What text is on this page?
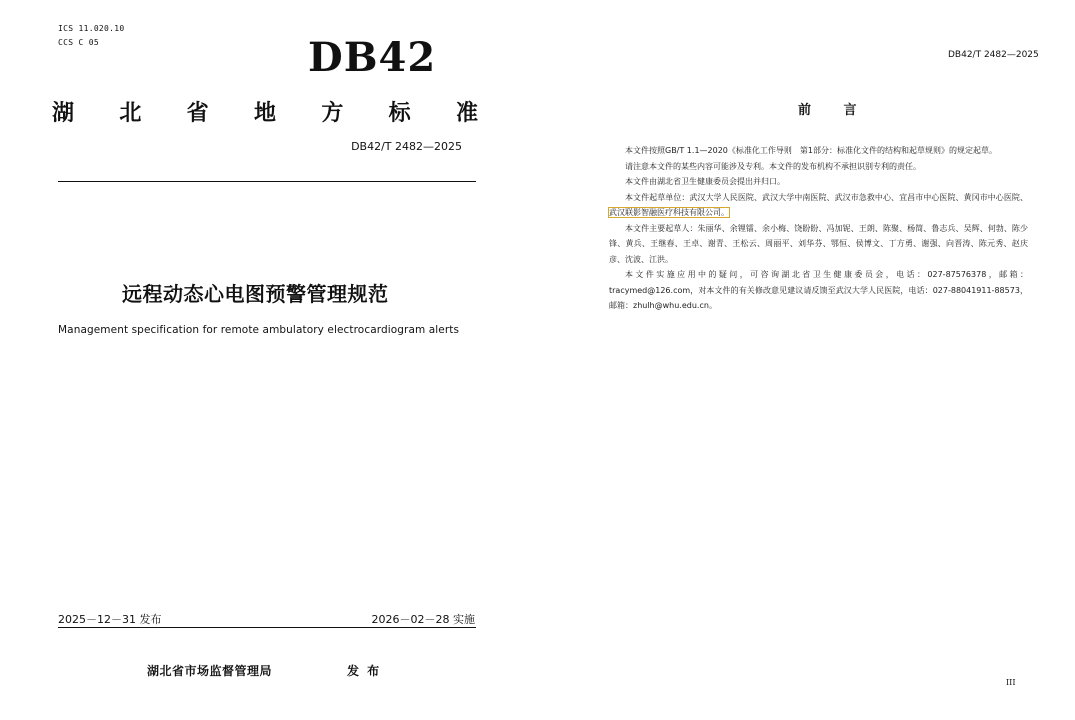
ICS 11.020.10
CCS C 05	DB42
湖 北 省 地 方 标 准
DB42/T 2482—2025
远程动态心电图预警管理规范
Management specification for remote ambulatory electrocardiogram alerts
2025－12－31 发布	2026－02－28 实施
湖北省市场监督管理局	发 布
DB42/T 2482—2025
前 言

本文件按照GB/T 1.1—2020《标准化工作导则　第1部分：标准化文件的结构和起草规则》的规定起草。

请注意本文件的某些内容可能涉及专利。本文件的发布机构不承担识别专利的责任。

本文件由湖北省卫生健康委员会提出并归口。

本文件起草单位：武汉大学人民医院、武汉大学中南医院、武汉市急救中心、宜昌市中心医院、黄冈市中心医院、武汉联影智融医疗科技有限公司。

本文件主要起草人：朱丽华、余锂镭、余小梅、饶盼盼、冯加铌、王朗、陈聚、杨简、鲁志兵、吴辉、何勃、陈少锋、黄兵、王继春、王卓、谢青、王松云、周丽平、刘华芬、鄂恒、侯博文、丁方勇、谢强、向晋涛、陈元秀、赵庆彦、沈波、江洪。

本文件实施应用中的疑问，可咨询湖北省卫生健康委员会，电话：027-87576378，邮箱：tracymed@126.com，对本文件的有关修改意见建议请反馈至武汉大学人民医院，电话：027-88041911-88573，邮箱：zhulh@whu.edu.cn。

III
